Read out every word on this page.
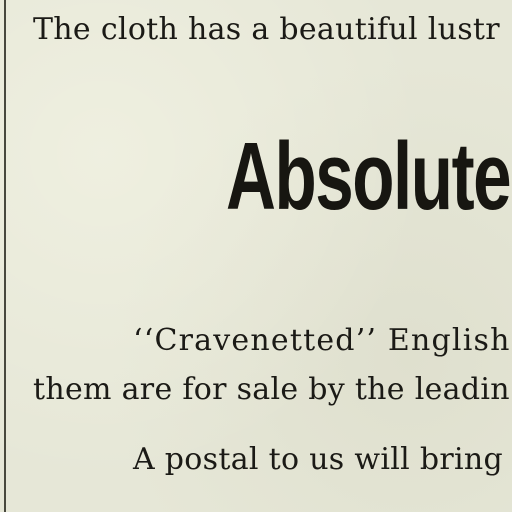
The cloth has a beautiful lustr
Absolute
‘‘Cravenetted’’ English
them are for sale by the leadin
A postal to us will bring
